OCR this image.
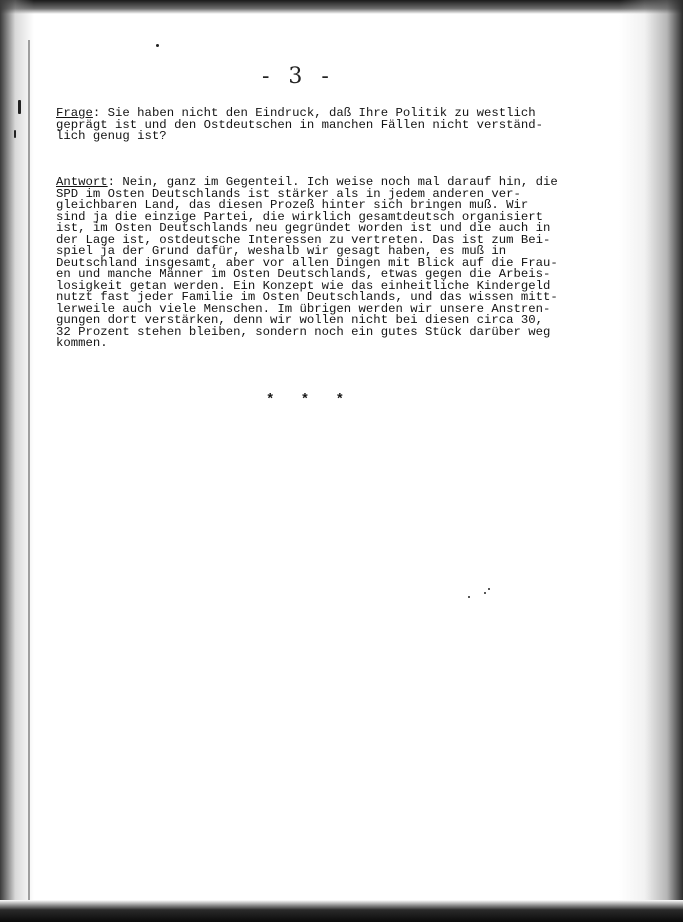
- 3 -
Frage: Sie haben nicht den Eindruck, daß Ihre Politik zu westlich
geprägt ist und den Ostdeutschen in manchen Fällen nicht verständ-
lich genug ist?
Antwort: Nein, ganz im Gegenteil. Ich weise noch mal darauf hin, die
SPD im Osten Deutschlands ist stärker als in jedem anderen ver-
gleichbaren Land, das diesen Prozeß hinter sich bringen muß. Wir
sind ja die einzige Partei, die wirklich gesamtdeutsch organisiert
ist, im Osten Deutschlands neu gegründet worden ist und die auch in
der Lage ist, ostdeutsche Interessen zu vertreten. Das ist zum Bei-
spiel ja der Grund dafür, weshalb wir gesagt haben, es muß in
Deutschland insgesamt, aber vor allen Dingen mit Blick auf die Frau-
en und manche Männer im Osten Deutschlands, etwas gegen die Arbeis-
losigkeit getan werden. Ein Konzept wie das einheitliche Kindergeld
nutzt fast jeder Familie im Osten Deutschlands, und das wissen mitt-
lerweile auch viele Menschen. Im übrigen werden wir unsere Anstren-
gungen dort verstärken, denn wir wollen nicht bei diesen circa 30,
32 Prozent stehen bleiben, sondern noch ein gutes Stück darüber weg
kommen.
* * *
